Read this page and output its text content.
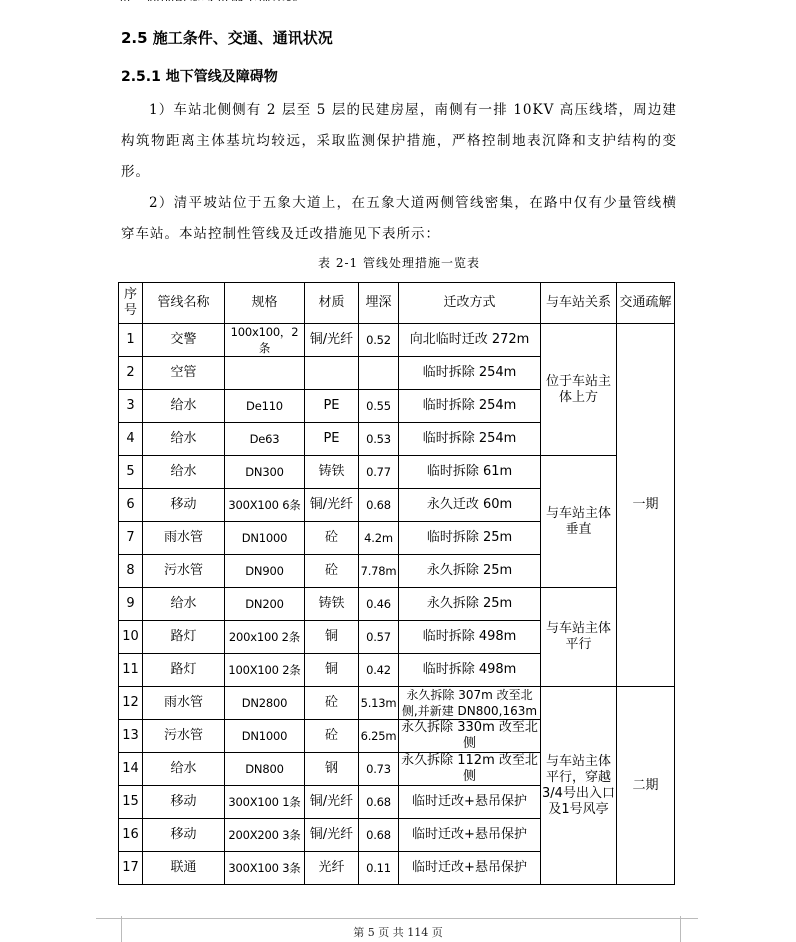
2.5 施工条件、交通、通讯状况
2.5.1 地下管线及障碍物

1）车站北侧侧有 2 层至 5 层的民建房屋，南侧有一排 10KV 高压线塔，周边建构筑物距离主体基坑均较远，采取监测保护措施，严格控制地表沉降和支护结构的变形。

2）清平坡站位于五象大道上，在五象大道两侧管线密集，在路中仅有少量管线横穿车站。本站控制性管线及迁改措施见下表所示：

表 2-1 管线处理措施一览表
序号	管线名称	规格	材质	埋深	迁改方式	与车站关系	交通疏解
1	交警	100x100，2条	铜/光纤	0.52	向北临时迁改 272m	位于车站主体上方	一期
2	空管				临时拆除 254m		
3	给水	De110	PE	0.55	临时拆除 254m		
4	给水	De63	PE	0.53	临时拆除 254m		
5	给水	DN300	铸铁	0.77	临时拆除 61m	与车站主体垂直	
6	移动	300X100 6条	铜/光纤	0.68	永久迁改 60m		
7	雨水管	DN1000	砼	4.2m	临时拆除 25m		
8	污水管	DN900	砼	7.78m	永久拆除 25m		
9	给水	DN200	铸铁	0.46	永久拆除 25m	与车站主体平行	
10	路灯	200x100 2条	铜	0.57	临时拆除 498m		
11	路灯	100X100 2条	铜	0.42	临时拆除 498m		
12	雨水管	DN2800	砼	5.13m	永久拆除 307m 改至北侧,并新建 DN800,163m	与车站主体平行，穿越3/4号出入口及1号风亭	二期
13	污水管	DN1000	砼	6.25m	永久拆除 330m 改至北侧		
14	给水	DN800	钢	0.73	永久拆除 112m 改至北侧		
15	移动	300X100 1条	铜/光纤	0.68	临时迁改+悬吊保护		
16	移动	200X200 3条	铜/光纤	0.68	临时迁改+悬吊保护		
17	联通	300X100 3条	光纤	0.11	临时迁改+悬吊保护		
第 5 页 共 114 页
